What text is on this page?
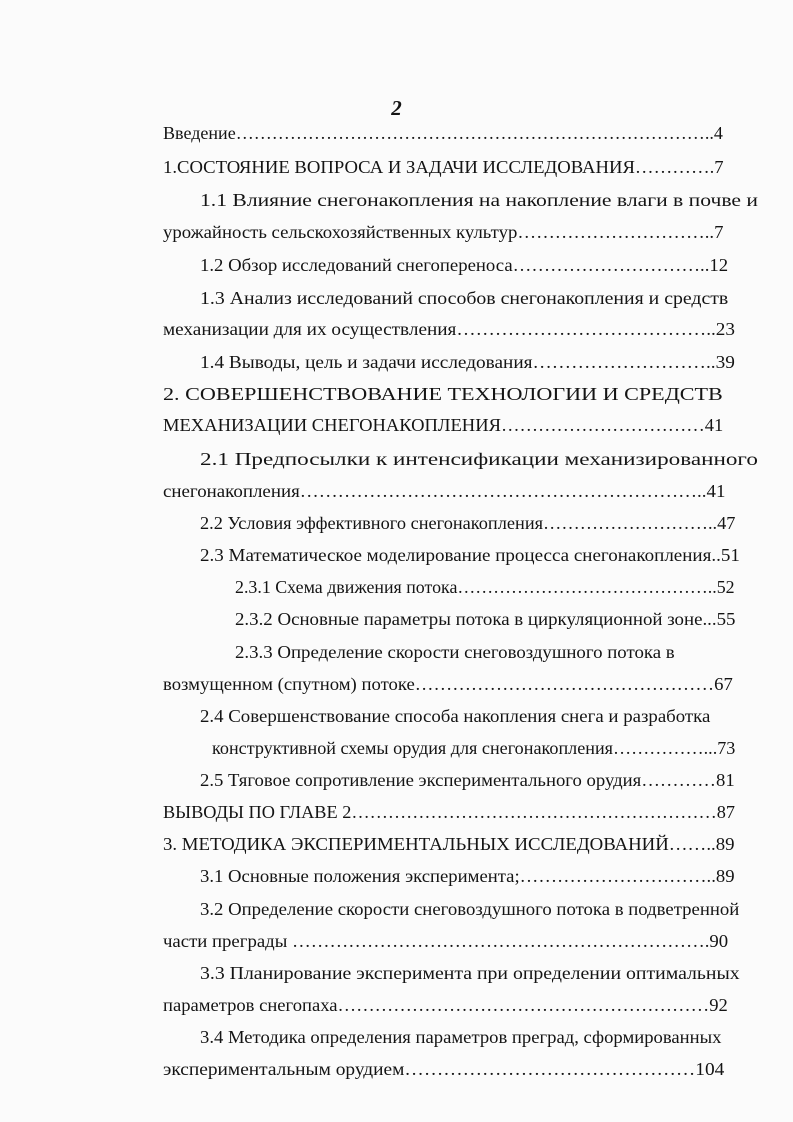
2
Введение……………………………………………………………………..4
1.СОСТОЯНИЕ ВОПРОСА И ЗАДАЧИ ИССЛЕДОВАНИЯ………….7
1.1 Влияние снегонакопления на накопление влаги в почве и
урожайность сельскохозяйственных культур…………………………..7
1.2 Обзор исследований снегопереноса…………………………..12
1.3 Анализ исследований способов снегонакопления и средств
механизации для их осуществления…………………………………..23
1.4 Выводы, цель и задачи исследования………………………..39
2. СОВЕРШЕНСТВОВАНИЕ ТЕХНОЛОГИИ И СРЕДСТВ
МЕХАНИЗАЦИИ СНЕГОНАКОПЛЕНИЯ……………………………41
2.1 Предпосылки к интенсификации механизированного
снегонакопления………………………………………………………..41
2.2 Условия эффективного снегонакопления………………………..47
2.3 Математическое моделирование процесса снегонакопления..51
2.3.1 Схема движения потока……………………………………..52
2.3.2 Основные параметры потока в циркуляционной зоне...55
2.3.3 Определение скорости снеговоздушного потока в
возмущенном (спутном) потоке…………………………………………67
2.4 Совершенствование способа накопления снега и разработка
конструктивной схемы орудия для снегонакопления……………...73
2.5 Тяговое сопротивление экспериментального орудия…………81
ВЫВОДЫ ПО ГЛАВЕ 2……………………………………………………87
3. МЕТОДИКА ЭКСПЕРИМЕНТАЛЬНЫХ ИССЛЕДОВАНИЙ……..89
3.1 Основные положения эксперимента;…………………………..89
3.2 Определение скорости снеговоздушного потока в подветренной
части преграды ………………………………………………………….90
3.3 Планирование эксперимента при определении оптимальных
параметров снегопаха……………………………………………………92
3.4 Методика определения параметров преград, сформированных
экспериментальным орудием………………………………………104
